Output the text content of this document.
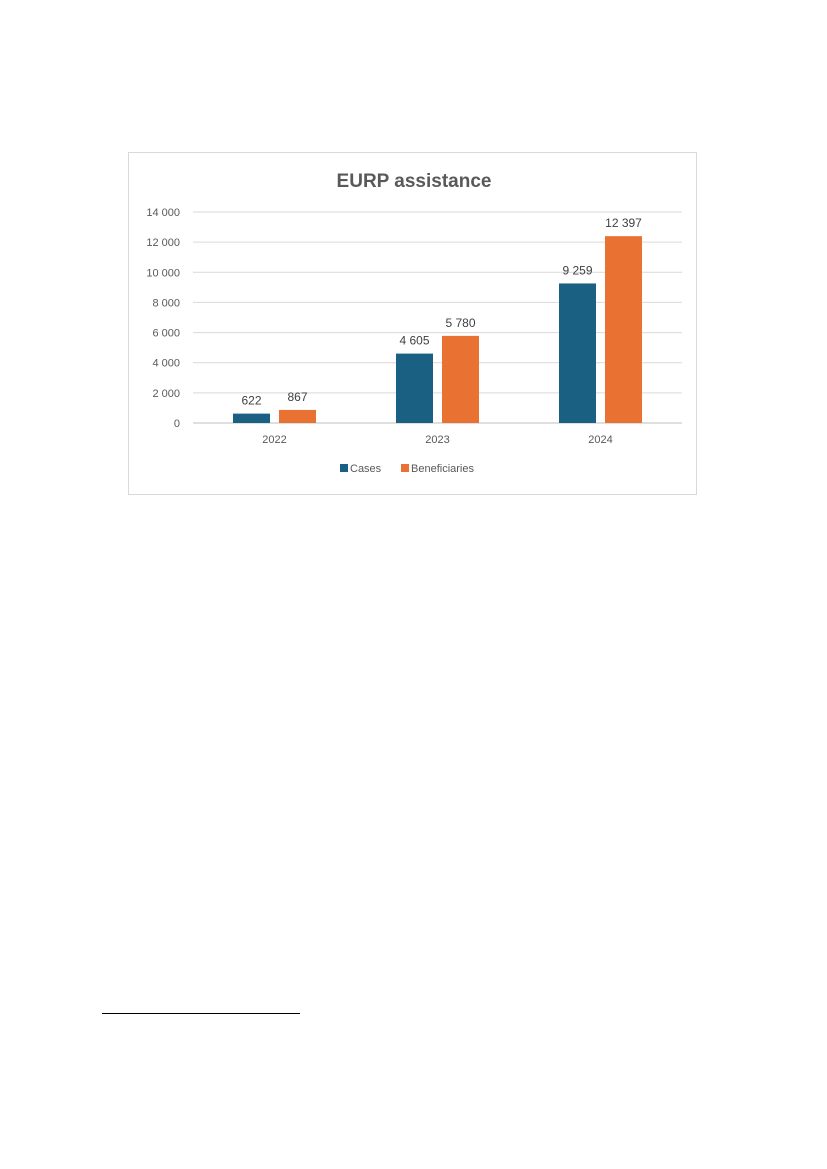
EURP assistance
0
2 000
4 000
6 000
8 000
10 000
12 000
14 000
622 867
4 605
5 780
9 259
12 397
2022	2023	2024
Cases	Beneficiaries
